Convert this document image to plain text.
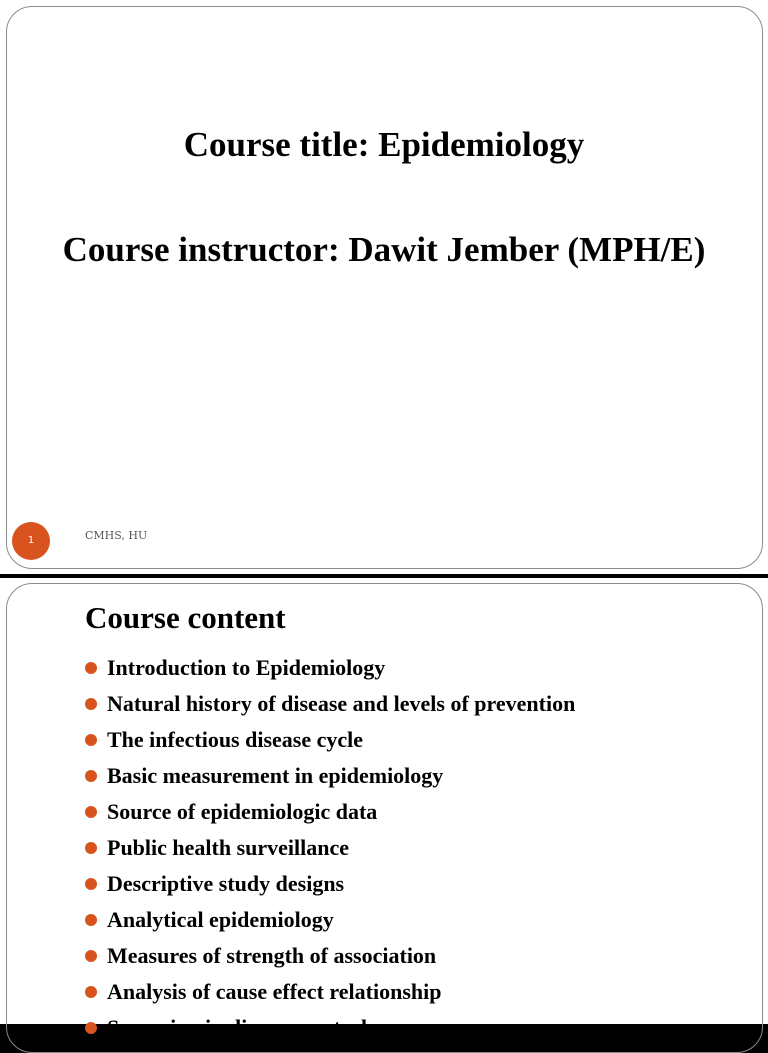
Course title: Epidemiology
Course instructor: Dawit Jember (MPH/E)
1	CMHS, HU
Course content
Introduction to Epidemiology
Natural history of disease and levels of prevention
The infectious disease cycle
Basic measurement in epidemiology
Source of epidemiologic data
Public health surveillance
Descriptive study designs
Analytical epidemiology
Measures of strength of association
Analysis of cause effect relationship
Screening in disease control
